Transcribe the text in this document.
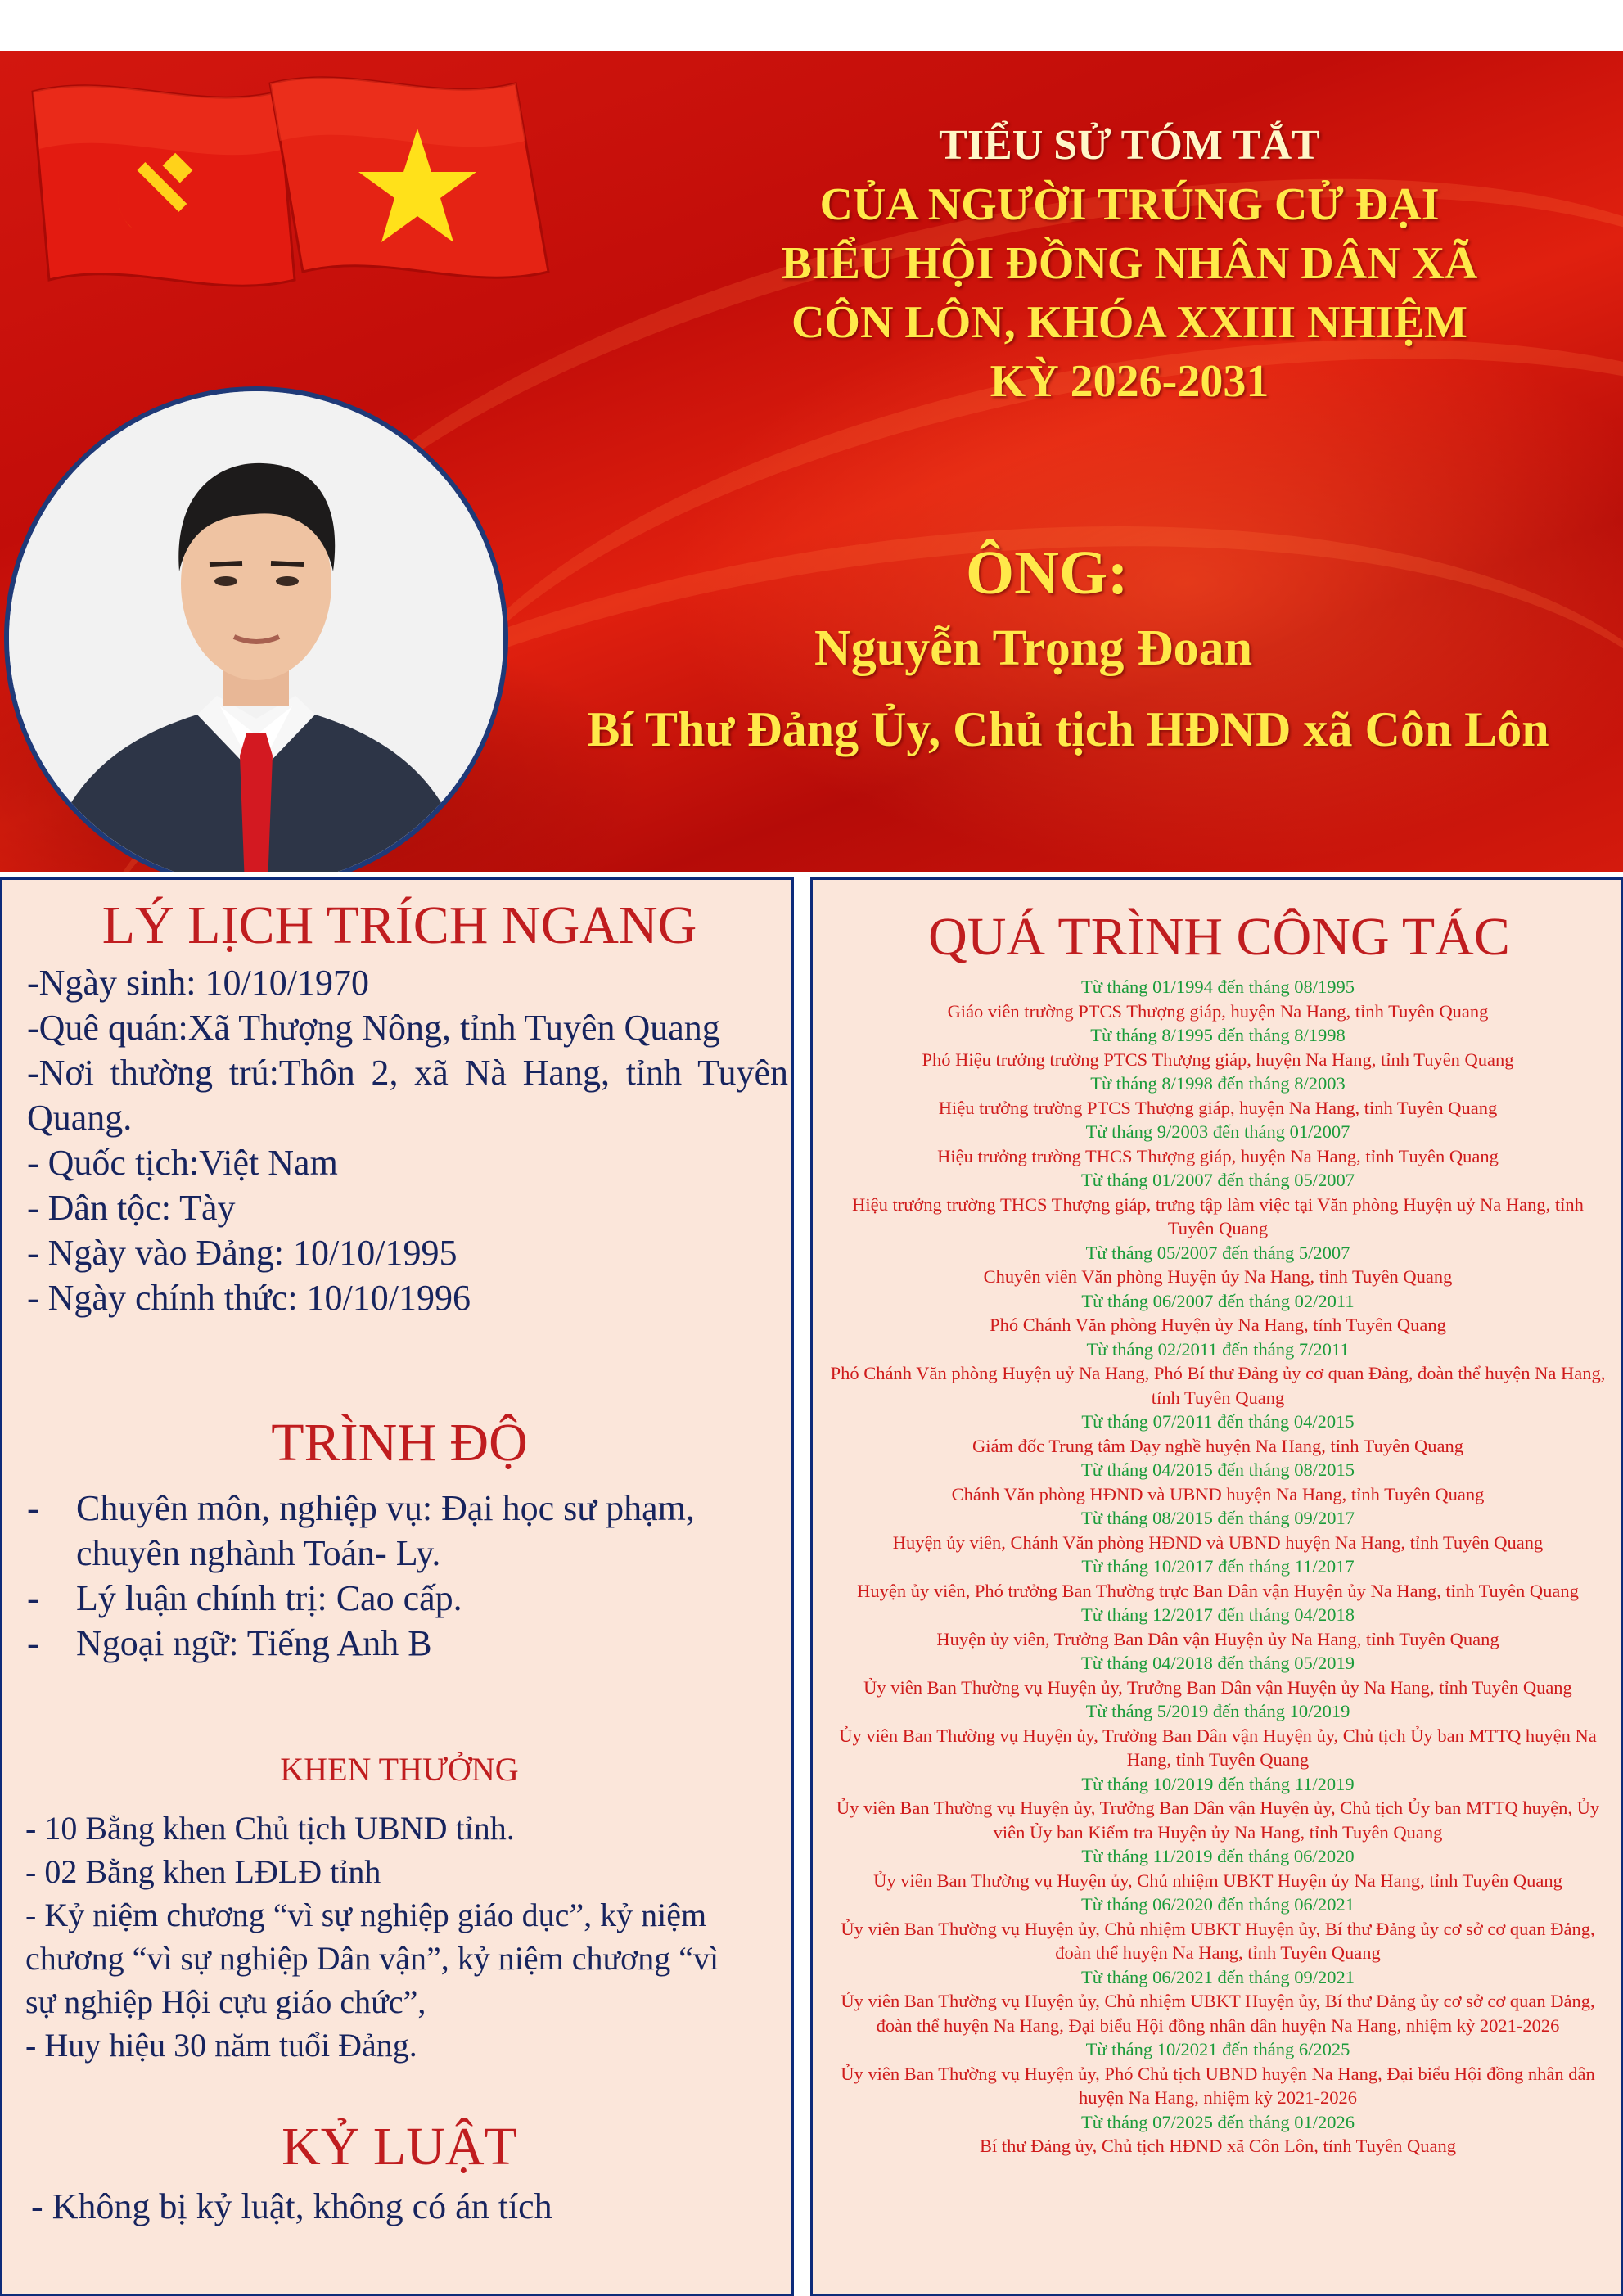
TIỂU SỬ TÓM TẮT
CỦA NGƯỜI TRÚNG CỬ ĐẠI
BIỂU HỘI ĐỒNG NHÂN DÂN XÃ
CÔN LÔN, KHÓA XXIII NHIỆM
KỲ 2026-2031
ÔNG:
Nguyễn Trọng Đoan
Bí Thư Đảng Ủy, Chủ tịch HĐND xã Côn Lôn
LÝ LỊCH TRÍCH NGANG

-Ngày sinh: 10/10/1970

-Quê quán:Xã Thượng Nông, tỉnh Tuyên Quang

-Nơi thường trú:Thôn 2, xã Nà Hang, tỉnh Tuyên Quang.

- Quốc tịch:Việt Nam

- Dân tộc: Tày

- Ngày vào Đảng: 10/10/1995

- Ngày chính thức: 10/10/1996

TRÌNH ĐỘ
- Chuyên môn, nghiệp vụ: Đại học sư phạm, chuyên nghành Toán- Ly.
- Lý luận chính trị: Cao cấp.
- Ngoại ngữ: Tiếng Anh B
KHEN THƯỞNG

- 10 Bằng khen Chủ tịch UBND tỉnh.

- 02 Bằng khen LĐLĐ tỉnh

- Kỷ niệm chương “vì sự nghiệp giáo dục”, kỷ niệm chương “vì sự nghiệp Dân vận”, kỷ niệm chương “vì sự nghiệp Hội cựu giáo chức”,

- Huy hiệu 30 năm tuổi Đảng.

KỶ LUẬT
- Không bị kỷ luật, không có án tích
QUÁ TRÌNH CÔNG TÁC
Từ tháng 01/1994 đến tháng 08/1995
Giáo viên trường PTCS Thượng giáp, huyện Na Hang, tỉnh Tuyên Quang
Từ tháng 8/1995 đến tháng 8/1998
Phó Hiệu trưởng trường PTCS Thượng giáp, huyện Na Hang, tỉnh Tuyên Quang
Từ tháng 8/1998 đến tháng 8/2003
Hiệu trưởng trường PTCS Thượng giáp, huyện Na Hang, tỉnh Tuyên Quang
Từ tháng 9/2003 đến tháng 01/2007
Hiệu trưởng trường THCS Thượng giáp, huyện Na Hang, tỉnh Tuyên Quang
Từ tháng 01/2007 đến tháng 05/2007
Hiệu trưởng trường THCS Thượng giáp, trưng tập làm việc tại Văn phòng Huyện uỷ Na Hang, tỉnh Tuyên Quang
Từ tháng 05/2007 đến tháng 5/2007
Chuyên viên Văn phòng Huyện ủy Na Hang, tỉnh Tuyên Quang
Từ tháng 06/2007 đến tháng 02/2011
Phó Chánh Văn phòng Huyện ủy Na Hang, tỉnh Tuyên Quang
Từ tháng 02/2011 đến tháng 7/2011
Phó Chánh Văn phòng Huyện uỷ Na Hang, Phó Bí thư Đảng ủy cơ quan Đảng, đoàn thể huyện Na Hang, tỉnh Tuyên Quang
Từ tháng 07/2011 đến tháng 04/2015
Giám đốc Trung tâm Dạy nghề huyện Na Hang, tỉnh Tuyên Quang
Từ tháng 04/2015 đến tháng 08/2015
Chánh Văn phòng HĐND và UBND huyện Na Hang, tỉnh Tuyên Quang
Từ tháng 08/2015 đến tháng 09/2017
Huyện ủy viên, Chánh Văn phòng HĐND và UBND huyện Na Hang, tỉnh Tuyên Quang
Từ tháng 10/2017 đến tháng 11/2017
Huyện ủy viên, Phó trưởng Ban Thường trực Ban Dân vận Huyện ủy Na Hang, tỉnh Tuyên Quang
Từ tháng 12/2017 đến tháng 04/2018
Huyện ủy viên, Trưởng Ban Dân vận Huyện ủy Na Hang, tỉnh Tuyên Quang
Từ tháng 04/2018 đến tháng 05/2019
Ủy viên Ban Thường vụ Huyện ủy, Trưởng Ban Dân vận Huyện ủy Na Hang, tỉnh Tuyên Quang
Từ tháng 5/2019 đến tháng 10/2019
Ủy viên Ban Thường vụ Huyện ủy, Trưởng Ban Dân vận Huyện ủy, Chủ tịch Ủy ban MTTQ huyện Na Hang, tỉnh Tuyên Quang
Từ tháng 10/2019 đến tháng 11/2019
Ủy viên Ban Thường vụ Huyện ủy, Trưởng Ban Dân vận Huyện ủy, Chủ tịch Ủy ban MTTQ huyện, Ủy viên Ủy ban Kiểm tra Huyện ủy Na Hang, tỉnh Tuyên Quang
Từ tháng 11/2019 đến tháng 06/2020
Ủy viên Ban Thường vụ Huyện ủy, Chủ nhiệm UBKT Huyện ủy Na Hang, tỉnh Tuyên Quang
Từ tháng 06/2020 đến tháng 06/2021
Ủy viên Ban Thường vụ Huyện ủy, Chủ nhiệm UBKT Huyện ủy, Bí thư Đảng ủy cơ sở cơ quan Đảng, đoàn thể huyện Na Hang, tỉnh Tuyên Quang
Từ tháng 06/2021 đến tháng 09/2021
Ủy viên Ban Thường vụ Huyện ủy, Chủ nhiệm UBKT Huyện ủy, Bí thư Đảng ủy cơ sở cơ quan Đảng, đoàn thể huyện Na Hang, Đại biểu Hội đồng nhân dân huyện Na Hang, nhiệm kỳ 2021-2026
Từ tháng 10/2021 đến tháng 6/2025
Ủy viên Ban Thường vụ Huyện ủy, Phó Chủ tịch UBND huyện Na Hang, Đại biểu Hội đồng nhân dân huyện Na Hang, nhiệm kỳ 2021-2026
Từ tháng 07/2025 đến tháng 01/2026
Bí thư Đảng ủy, Chủ tịch HĐND xã Côn Lôn, tỉnh Tuyên Quang
